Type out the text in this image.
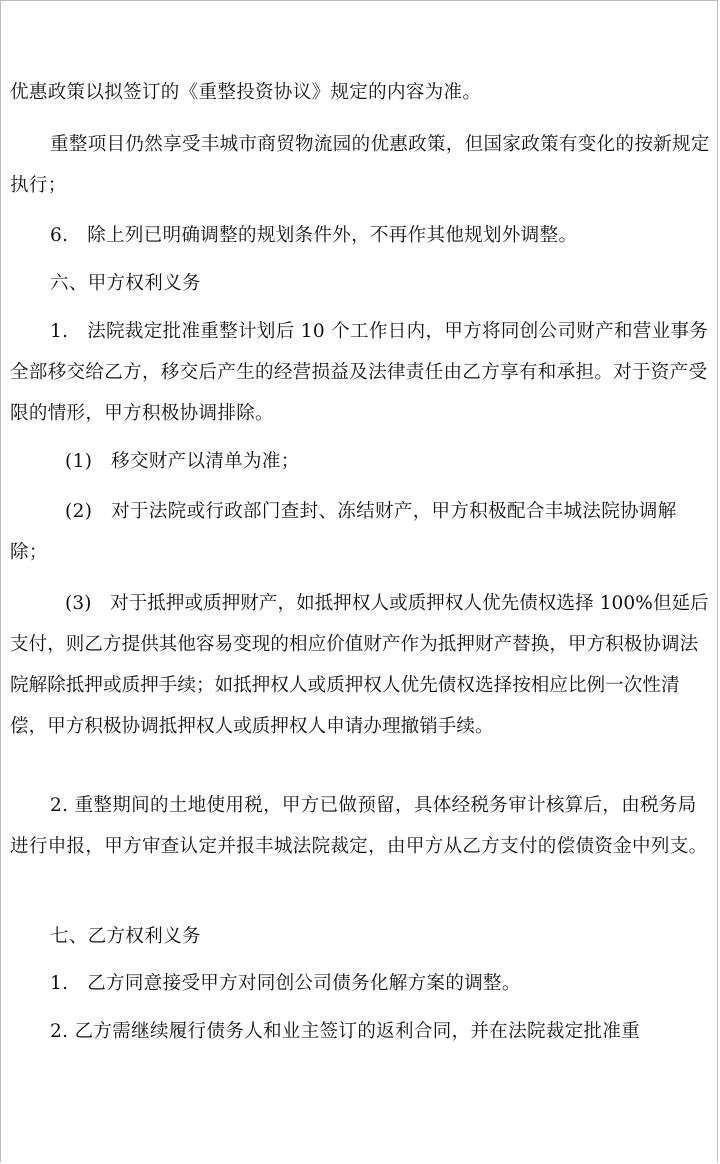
优惠政策以拟签订的《重整投资协议》规定的内容为准。

重整项目仍然享受丰城市商贸物流园的优惠政策，但国家政策有变化的按新规定执行；

6.　除上列已明确调整的规划条件外，不再作其他规划外调整。

六、甲方权利义务

1.　法院裁定批准重整计划后 10 个工作日内，甲方将同创公司财产和营业事务全部移交给乙方，移交后产生的经营损益及法律责任由乙方享有和承担。对于资产受限的情形，甲方积极协调排除。

(1)　移交财产以清单为准；

(2)　对于法院或行政部门查封、冻结财产，甲方积极配合丰城法院协调解除；

(3)　对于抵押或质押财产，如抵押权人或质押权人优先债权选择 100%但延后支付，则乙方提供其他容易变现的相应价值财产作为抵押财产替换，甲方积极协调法院解除抵押或质押手续；如抵押权人或质押权人优先债权选择按相应比例一次性清偿，甲方积极协调抵押权人或质押权人申请办理撤销手续。

2. 重整期间的土地使用税，甲方已做预留，具体经税务审计核算后，由税务局进行申报，甲方审查认定并报丰城法院裁定，由甲方从乙方支付的偿债资金中列支。

七、乙方权利义务

1.　乙方同意接受甲方对同创公司债务化解方案的调整。

2. 乙方需继续履行债务人和业主签订的返利合同，并在法院裁定批准重
